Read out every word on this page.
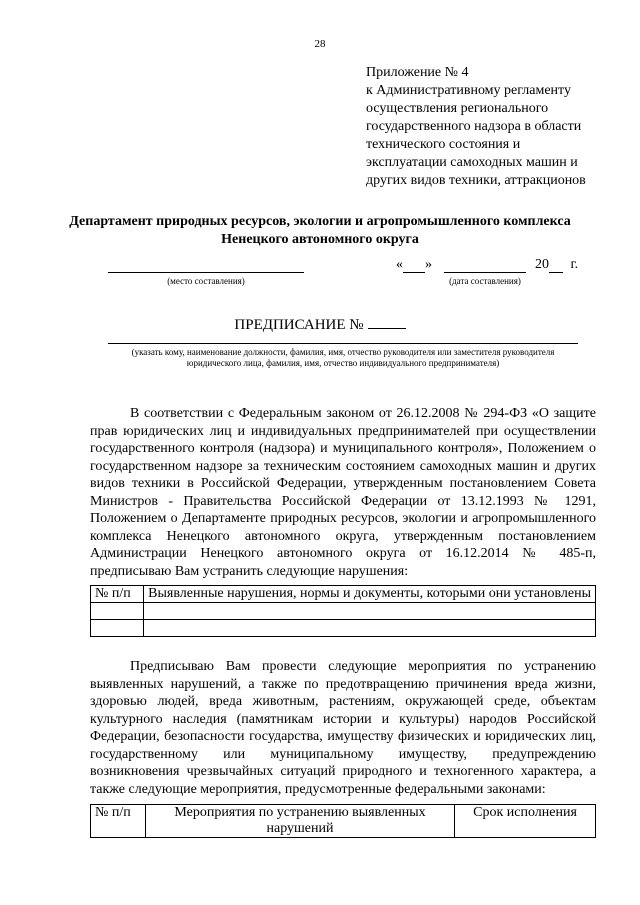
28
Приложение № 4
к Административному регламенту
осуществления регионального
государственного надзора в области
технического состояния и
эксплуатации самоходных машин и
других видов техники, аттракционов
Департамент природных ресурсов, экологии и агропромышленного комплекса
Ненецкого автономного округа
(место составления)
« »	20 г.
(дата составления)
ПРЕДПИСАНИЕ №
(указать кому, наименование должности, фамилия, имя, отчество руководителя или заместителя руководителя
юридического лица, фамилия, имя, отчество индивидуального предпринимателя)
В соответствии с Федеральным законом от 26.12.2008 № 294-ФЗ «О защите
прав юридических лиц и индивидуальных предпринимателей при осуществлении
государственного контроля (надзора) и муниципального контроля», Положением о
государственном надзоре за техническим состоянием самоходных машин и других
видов техники в Российской Федерации, утвержденным постановлением Совета
Министров - Правительства Российской Федерации от 13.12.1993 № 1291,
Положением о Департаменте природных ресурсов, экологии и агропромышленного
комплекса Ненецкого автономного округа, утвержденным постановлением
Администрации Ненецкого автономного округа от 16.12.2014 № 485-п,
предписываю Вам устранить следующие нарушения:
№ п/п	Выявленные нарушения, нормы и документы, которыми они установлены

Предписываю Вам провести следующие мероприятия по устранению
выявленных нарушений, а также по предотвращению причинения вреда жизни,
здоровью людей, вреда животным, растениям, окружающей среде, объектам
культурного наследия (памятникам истории и культуры) народов Российской
Федерации, безопасности государства, имуществу физических и юридических лиц,
государственному или муниципальному имуществу, предупреждению
возникновения чрезвычайных ситуаций природного и техногенного характера, а
также следующие мероприятия, предусмотренные федеральными законами:
№ п/п	Мероприятия по устранению выявленных нарушений	Срок исполнения
